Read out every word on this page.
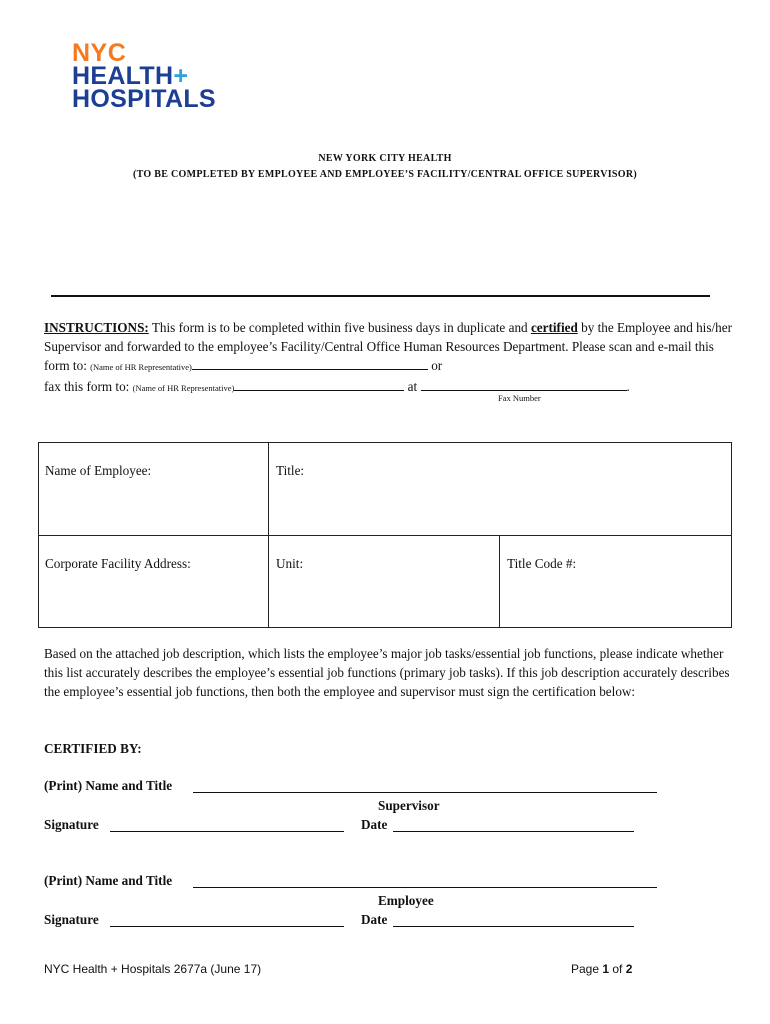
NYC
HEALTH+
HOSPITALS
NEW YORK CITY HEALTH
(TO BE COMPLETED BY EMPLOYEE AND EMPLOYEE’S FACILITY/CENTRAL OFFICE SUPERVISOR)
INSTRUCTIONS: This form is to be completed within five business days in duplicate and certified by the Employee and his/her Supervisor and forwarded to the employee’s Facility/Central Office Human Resources Department. Please scan and e-mail this form to: (Name of HR Representative)	or
fax this form to: (Name of HR Representative)	at	.
Fax Number
Name of Employee:	Title:
Corporate Facility Address:	Unit:	Title Code #:
Based on the attached job description, which lists the employee’s major job tasks/essential job functions, please indicate whether this list accurately describes the employee’s essential job functions (primary job tasks). If this job description accurately describes the employee’s essential job functions, then both the employee and supervisor must sign the certification below:
CERTIFIED BY:
(Print) Name and Title
Supervisor
Signature	Date
(Print) Name and Title
Employee
Signature	Date
NYC Health + Hospitals 2677a (June 17)	Page 1 of 2
